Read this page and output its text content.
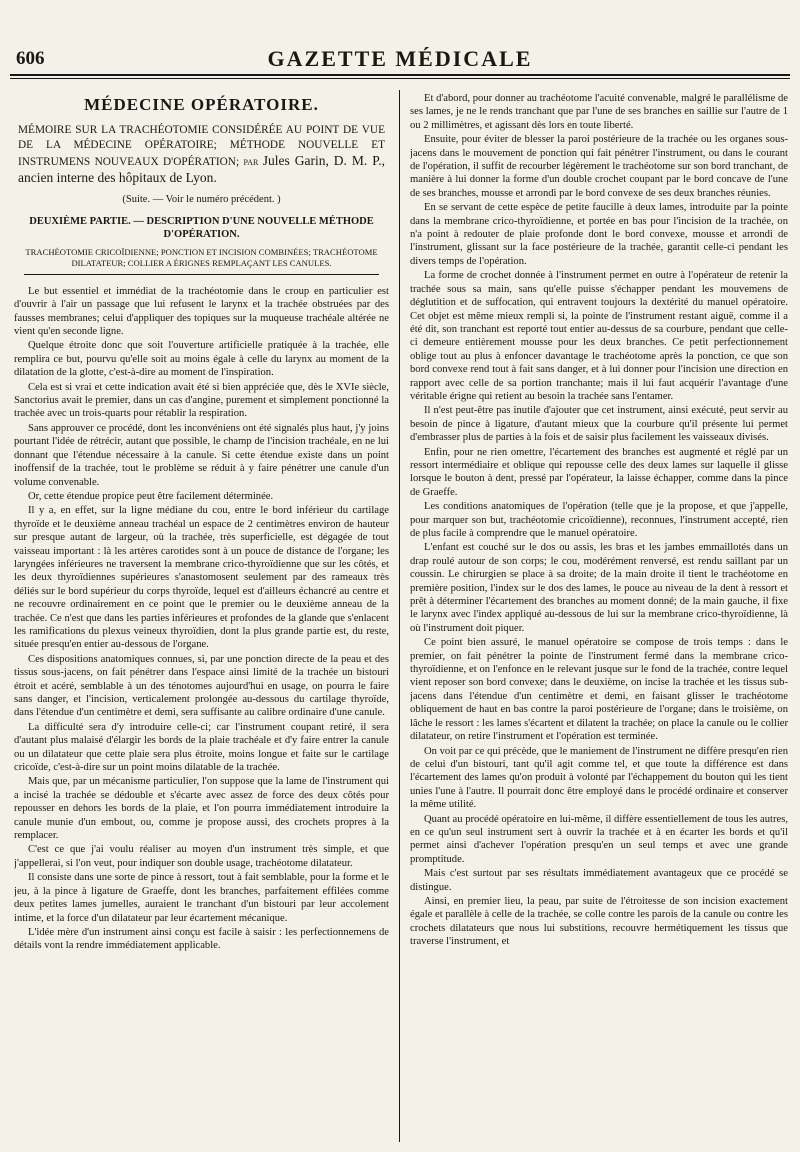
606	GAZETTE MÉDICALE
MÉDECINE OPÉRATOIRE.
MÉMOIRE SUR LA TRACHÉOTOMIE CONSIDÉRÉE AU POINT DE VUE DE LA MÉDECINE OPÉRATOIRE; MÉTHODE NOUVELLE ET INSTRUMENS NOUVEAUX D'OPÉRATION; par Jules Garin, D. M. P., ancien interne des hôpitaux de Lyon.
(Suite. — Voir le numéro précédent. )
DEUXIÈME PARTIE. — DESCRIPTION D'UNE NOUVELLE MÉTHODE D'OPÉRATION.
TRACHÉOTOMIE CRICOÏDIENNE; PONCTION ET INCISION COMBINÉES; TRACHÉOTOME DILATATEUR; COLLIER A ÉRIGNES REMPLAÇANT LES CANULES.

Le but essentiel et immédiat de la trachéotomie dans le croup en particulier est d'ouvrir à l'air un passage que lui refusent le larynx et la trachée obstruées par des fausses membranes; celui d'appliquer des topiques sur la muqueuse trachéale altérée ne vient qu'en seconde ligne.

Quelque étroite donc que soit l'ouverture artificielle pratiquée à la trachée, elle remplira ce but, pourvu qu'elle soit au moins égale à celle du larynx au moment de la dilatation de la glotte, c'est-à-dire au moment de l'inspiration.

Cela est si vrai et cette indication avait été si bien appréciée que, dès le XVIe siècle, Sanctorius avait le premier, dans un cas d'angine, purement et simplement ponctionné la trachée avec un trois-quarts pour rétablir la respiration.

Sans approuver ce procédé, dont les inconvéniens ont été signalés plus haut, j'y joins pourtant l'idée de rétrécir, autant que possible, le champ de l'incision trachéale, en ne lui donnant que l'étendue nécessaire à la canule. Si cette étendue existe dans un point inoffensif de la trachée, tout le problème se réduit à y faire pénétrer une canule d'un volume convenable.

Or, cette étendue propice peut être facilement déterminée.

Il y a, en effet, sur la ligne médiane du cou, entre le bord inférieur du cartilage thyroïde et le deuxième anneau trachéal un espace de 2 centimètres environ de hauteur sur presque autant de largeur, où la trachée, très superficielle, est dégagée de tout vaisseau important : là les artères carotides sont à un pouce de distance de l'organe; les laryngées inférieures ne traversent la membrane crico-thyroïdienne que sur les côtés, et les deux thyroïdiennes supérieures s'anastomosent seulement par des rameaux très déliés sur le bord supérieur du corps thyroïde, lequel est d'ailleurs échancré au centre et ne recouvre ordinairement en ce point que le premier ou le deuxième anneau de la trachée. Ce n'est que dans les parties inférieures et profondes de la glande que s'enlacent les ramifications du plexus veineux thyroïdien, dont la plus grande partie est, du reste, située presqu'en entier au-dessous de l'organe.

Ces dispositions anatomiques connues, si, par une ponction directe de la peau et des tissus sous-jacens, on fait pénétrer dans l'espace ainsi limité de la trachée un bistouri étroit et acéré, semblable à un des ténotomes aujourd'hui en usage, on pourra le faire sans danger, et l'incision, verticalement prolongée au-dessous du cartilage thyroïde, dans l'étendue d'un centimètre et demi, sera suffisante au calibre ordinaire d'une canule.

La difficulté sera d'y introduire celle-ci; car l'instrument coupant retiré, il sera d'autant plus malaisé d'élargir les bords de la plaie trachéale et d'y faire entrer la canule ou un dilatateur que cette plaie sera plus étroite, moins longue et faite sur le cartilage cricoïde, c'est-à-dire sur un point moins dilatable de la trachée.

Mais que, par un mécanisme particulier, l'on suppose que la lame de l'instrument qui a incisé la trachée se dédouble et s'écarte avec assez de force des deux côtés pour repousser en dehors les bords de la plaie, et l'on pourra immédiatement introduire la canule munie d'un embout, ou, comme je propose aussi, des crochets propres à la remplacer.

C'est ce que j'ai voulu réaliser au moyen d'un instrument très simple, et que j'appellerai, si l'on veut, pour indiquer son double usage, trachéotome dilatateur.

Il consiste dans une sorte de pince à ressort, tout à fait semblable, pour la forme et le jeu, à la pince à ligature de Graeffe, dont les branches, parfaitement effilées comme deux petites lames jumelles, auraient le tranchant d'un bistouri par leur accolement intime, et la force d'un dilatateur par leur écartement mécanique.

L'idée mère d'un instrument ainsi conçu est facile à saisir : les perfectionnemens de détails vont la rendre immédiatement applicable.

Et d'abord, pour donner au trachéotome l'acuité convenable, malgré le parallélisme de ses lames, je ne le rends tranchant que par l'une de ses branches en saillie sur l'autre de 1 ou 2 millimètres, et agissant dès lors en toute liberté.

Ensuite, pour éviter de blesser la paroi postérieure de la trachée ou les organes sous-jacens dans le mouvement de ponction qui fait pénétrer l'instrument, ou dans le courant de l'opération, il suffit de recourber légèrement le trachéotome sur son bord tranchant, de manière à lui donner la forme d'un double crochet coupant par le bord concave de l'une de ses branches, mousse et arrondi par le bord convexe de ses deux branches réunies.

En se servant de cette espèce de petite faucille à deux lames, introduite par la pointe dans la membrane crico-thyroïdienne, et portée en bas pour l'incision de la trachée, on n'a point à redouter de plaie profonde dont le bord convexe, mousse et arrondi de l'instrument, glissant sur la face postérieure de la trachée, garantit celle-ci pendant les divers temps de l'opération.

La forme de crochet donnée à l'instrument permet en outre à l'opérateur de retenir la trachée sous sa main, sans qu'elle puisse s'échapper pendant les mouvemens de déglutition et de suffocation, qui entravent toujours la dextérité du manuel opératoire. Cet objet est même mieux rempli si, la pointe de l'instrument restant aiguë, comme il a été dit, son tranchant est reporté tout entier au-dessus de sa courbure, pendant que celle-ci demeure entièrement mousse pour les deux branches. Ce petit perfectionnement oblige tout au plus à enfoncer davantage le trachéotome après la ponction, ce que son bord convexe rend tout à fait sans danger, et à lui donner pour l'incision une direction en rapport avec celle de sa portion tranchante; mais il lui faut acquérir l'avantage d'une véritable érigne qui retient au besoin la trachée sans l'entamer.

Il n'est peut-être pas inutile d'ajouter que cet instrument, ainsi exécuté, peut servir au besoin de pince à ligature, d'autant mieux que la courbure qu'il présente lui permet d'embrasser plus de parties à la fois et de saisir plus facilement les vaisseaux divisés.

Enfin, pour ne rien omettre, l'écartement des branches est augmenté et réglé par un ressort intermédiaire et oblique qui repousse celle des deux lames sur laquelle il glisse lorsque le bouton à dent, pressé par l'opérateur, la laisse échapper, comme dans la pince de Graeffe.

Les conditions anatomiques de l'opération (telle que je la propose, et que j'appelle, pour marquer son but, trachéotomie cricoïdienne), reconnues, l'instrument accepté, rien de plus facile à comprendre que le manuel opératoire.

L'enfant est couché sur le dos ou assis, les bras et les jambes emmaillotés dans un drap roulé autour de son corps; le cou, modérément renversé, est rendu saillant par un coussin. Le chirurgien se place à sa droite; de la main droite il tient le trachéotome en première position, l'index sur le dos des lames, le pouce au niveau de la dent à ressort et prêt à déterminer l'écartement des branches au moment donné; de la main gauche, il fixe le larynx avec l'index appliqué au-dessous de lui sur la membrane crico-thyroïdienne, là où l'instrument doit piquer.

Ce point bien assuré, le manuel opératoire se compose de trois temps : dans le premier, on fait pénétrer la pointe de l'instrument fermé dans la membrane crico-thyroïdienne, et on l'enfonce en le relevant jusque sur le fond de la trachée, contre lequel vient reposer son bord convexe; dans le deuxième, on incise la trachée et les tissus sub-jacens dans l'étendue d'un centimètre et demi, en faisant glisser le trachéotome obliquement de haut en bas contre la paroi postérieure de l'organe; dans le troisième, on lâche le ressort : les lames s'écartent et dilatent la trachée; on place la canule ou le collier dilatateur, on retire l'instrument et l'opération est terminée.

On voit par ce qui précède, que le maniement de l'instrument ne diffère presqu'en rien de celui d'un bistouri, tant qu'il agit comme tel, et que toute la différence est dans l'écartement des lames qu'on produit à volonté par l'échappement du bouton qui les tient unies l'une à l'autre. Il pourrait donc être employé dans le procédé ordinaire et conserver la même utilité.

Quant au procédé opératoire en lui-même, il diffère essentiellement de tous les autres, en ce qu'un seul instrument sert à ouvrir la trachée et à en écarter les bords et qu'il permet ainsi d'achever l'opération presqu'en un seul temps et avec une grande promptitude.

Mais c'est surtout par ses résultats immédiatement avantageux que ce procédé se distingue.

Ainsi, en premier lieu, la peau, par suite de l'étroitesse de son incision exactement égale et parallèle à celle de la trachée, se colle contre les parois de la canule ou contre les crochets dilatateurs que nous lui substitions, recouvre hermétiquement les tissus que traverse l'instrument, et
